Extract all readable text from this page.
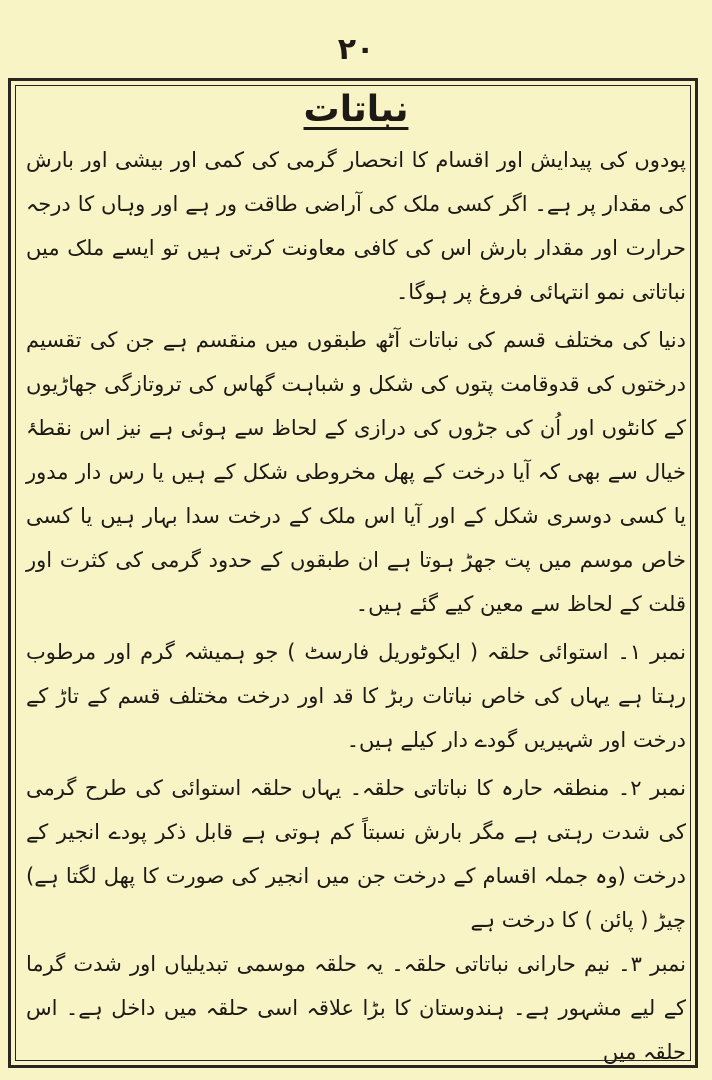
۲۰
نباتات

پودوں کی پیدایش اور اقسام کا انحصار گرمی کی کمی اور بیشی اور بارش کی مقدار پر ہے۔ اگر کسی ملک کی آراضی طاقت ور ہے اور وہاں کا درجہ حرارت اور مقدار بارش اس کی کافی معاونت کرتی ہیں تو ایسے ملک میں نباتاتی نمو انتہائی فروغ پر ہوگا۔

دنیا کی مختلف قسم کی نباتات آٹھ طبقوں میں منقسم ہے جن کی تقسیم درختوں کی قدوقامت پتوں کی شکل و شباہت گھاس کی تروتازگی جھاڑیوں کے کانٹوں اور اُن کی جڑوں کی درازی کے لحاظ سے ہوئی ہے نیز اس نقطۂ خیال سے بھی کہ آیا درخت کے پھل مخروطی شکل کے ہیں یا رس دار مدور یا کسی دوسری شکل کے اور آیا اس ملک کے درخت سدا بہار ہیں یا کسی خاص موسم میں پت جھڑ ہوتا ہے ان طبقوں کے حدود گرمی کی کثرت اور قلت کے لحاظ سے معین کیے گئے ہیں۔

نمبر ۱۔ استوائی حلقہ ( ایکوٹوریل فارسٹ ) جو ہمیشہ گرم اور مرطوب رہتا ہے یہاں کی خاص نباتات ربڑ کا قد اور درخت مختلف قسم کے تاڑ کے درخت اور شہیریں گودے دار کیلے ہیں۔

نمبر ۲۔ منطقہ حارہ کا نباتاتی حلقہ۔ یہاں حلقہ استوائی کی طرح گرمی کی شدت رہتی ہے مگر بارش نسبتاً کم ہوتی ہے قابل ذکر پودے انجیر کے درخت (وہ جملہ اقسام کے درخت جن میں انجیر کی صورت کا پھل لگتا ہے) چیڑ ( پائن ) کا درخت ہے

نمبر ۳۔ نیم حارانی نباتاتی حلقہ۔ یہ حلقہ موسمی تبدیلیاں اور شدت گرما کے لیے مشہور ہے۔ ہندوستان کا بڑا علاقہ اسی حلقہ میں داخل ہے۔ اس حلقہ میں
